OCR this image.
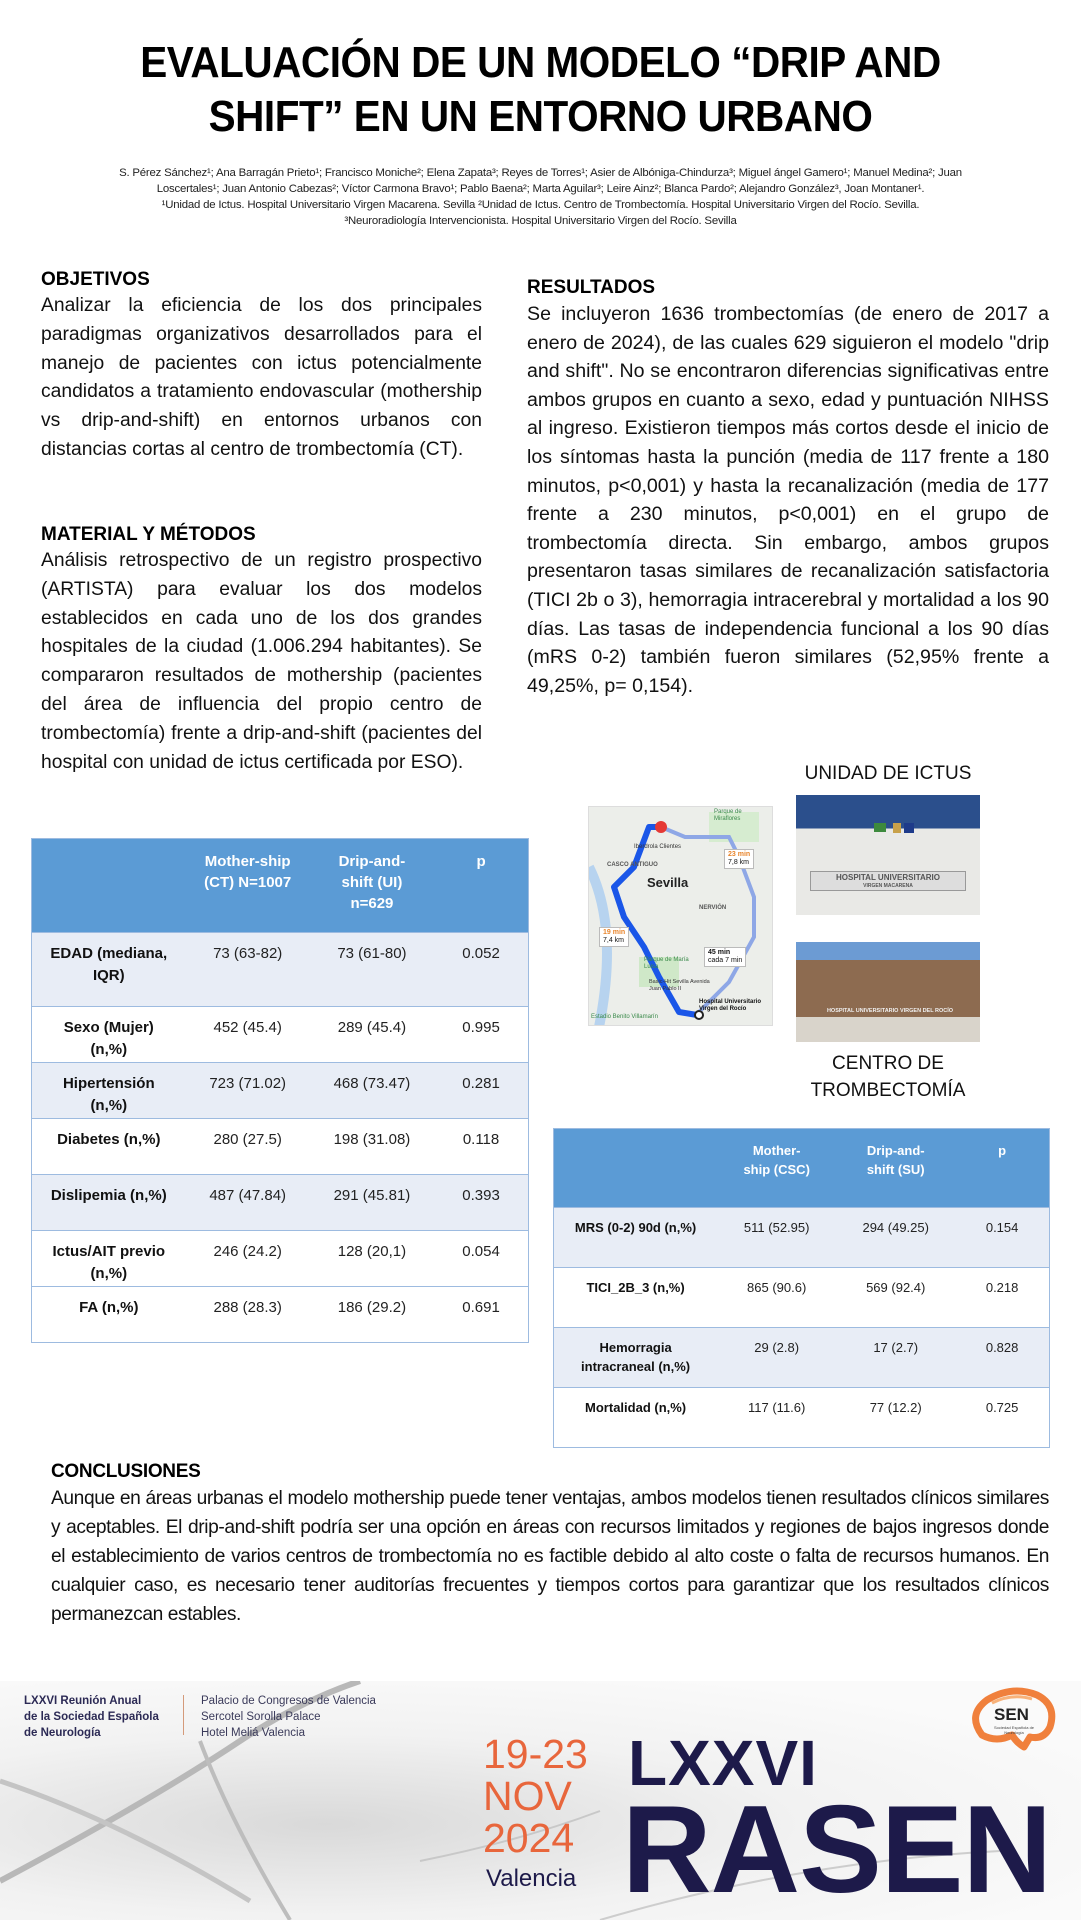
EVALUACIÓN DE UN MODELO “DRIP AND SHIFT” EN UN ENTORNO URBANO
S. Pérez Sánchez¹; Ana Barragán Prieto¹; Francisco Moniche²; Elena Zapata³; Reyes de Torres¹; Asier de Albóniga-Chindurza³; Miguel ángel Gamero¹; Manuel Medina²; Juan
Loscertales¹; Juan Antonio Cabezas²; Víctor Carmona Bravo¹; Pablo Baena²; Marta Aguilar³; Leire Ainz²; Blanca Pardo²; Alejandro González³, Joan Montaner¹.
¹Unidad de Ictus. Hospital Universitario Virgen Macarena. Sevilla ²Unidad de Ictus. Centro de Trombectomía. Hospital Universitario Virgen del Rocío. Sevilla.
³Neuroradiología Intervencionista. Hospital Universitario Virgen del Rocío. Sevilla
OBJETIVOS

Analizar la eficiencia de los dos principales paradigmas organizativos desarrollados para el manejo de pacientes con ictus potencialmente candidatos a tratamiento endovascular (mothership vs drip-and-shift) en entornos urbanos con distancias cortas al centro de trombectomía (CT).

MATERIAL Y MÉTODOS

Análisis retrospectivo de un registro prospectivo (ARTISTA) para evaluar los dos modelos establecidos en cada uno de los dos grandes hospitales de la ciudad (1.006.294 habitantes). Se compararon resultados de mothership (pacientes del área de influencia del propio centro de trombectomía) frente a drip-and-shift (pacientes del hospital con unidad de ictus certificada por ESO).

RESULTADOS

Se incluyeron 1636 trombectomías (de enero de 2017 a enero de 2024), de las cuales 629 siguieron el modelo "drip and shift". No se encontraron diferencias significativas entre ambos grupos en cuanto a sexo, edad y puntuación NIHSS al ingreso. Existieron tiempos más cortos desde el inicio de los síntomas hasta la punción (media de 117 frente a 180 minutos, p<0,001) y hasta la recanalización (media de 177 frente a 230 minutos, p<0,001) en el grupo de trombectomía directa. Sin embargo, ambos grupos presentaron tasas similares de recanalización satisfactoria (TICI 2b o 3), hemorragia intracerebral y mortalidad a los 90 días. Las tasas de independencia funcional a los 90 días (mRS 0-2) también fueron similares (52,95% frente a 49,25%, p= 0,154).

	Mother-ship (CT) N=1007	Drip-and-shift (UI) n=629	p
EDAD (mediana, IQR)	73 (63-82)	73 (61-80)	0.052
Sexo (Mujer) (n,%)	452 (45.4)	289 (45.4)	0.995
Hipertensión (n,%)	723 (71.02)	468 (73.47)	0.281
Diabetes (n,%)	280 (27.5)	198 (31.08)	0.118
Dislipemia (n,%)	487 (47.84)	291 (45.81)	0.393
Ictus/AIT previo (n,%)	246 (24.2)	128 (20,1)	0.054
FA (n,%)	288 (28.3)	186 (29.2)	0.691
UNIDAD DE ICTUS
Sevilla
CASCO ANTIGUO
NERVIÓN
Parque de Miraflores
Parque de María Luisa
Iberdrola Clientes
Basic-Hit Sevilla Avenida Juan Pablo II
Estadio Benito Villamarín
Hospital Universitario Virgen del Rocío
19 min
7,4 km
23 min
7,8 km
45 min
cada 7 min
HOSPITAL UNIVERSITARIO
VIRGEN MACARENA
HOSPITAL UNIVERSITARIO VIRGEN DEL ROCÍO
CENTRO DE
TROMBECTOMÍA
	Mother-ship (CSC)	Drip-and-shift (SU)	p
MRS (0-2) 90d (n,%)	511 (52.95)	294 (49.25)	0.154
TICI_2B_3 (n,%)	865 (90.6)	569 (92.4)	0.218
Hemorragia intracraneal (n,%)	29 (2.8)	17 (2.7)	0.828
Mortalidad (n,%)	117 (11.6)	77 (12.2)	0.725
CONCLUSIONES

Aunque en áreas urbanas el modelo mothership puede tener ventajas, ambos modelos tienen resultados clínicos similares y aceptables. El drip-and-shift podría ser una opción en áreas con recursos limitados y regiones de bajos ingresos donde el establecimiento de varios centros de trombectomía no es factible debido al alto coste o falta de recursos humanos. En cualquier caso, es necesario tener auditorías frecuentes y tiempos cortos para garantizar que los resultados clínicos permanezcan estables.

LXXVI Reunión Anual
de la Sociedad Española
de Neurología
Palacio de Congresos de Valencia
Sercotel Sorolla Palace
Hotel Meliá Valencia	19-23
NOV
2024
Valencia
LXXVI
RASEN
SEN
Sociedad Española de Neurología
